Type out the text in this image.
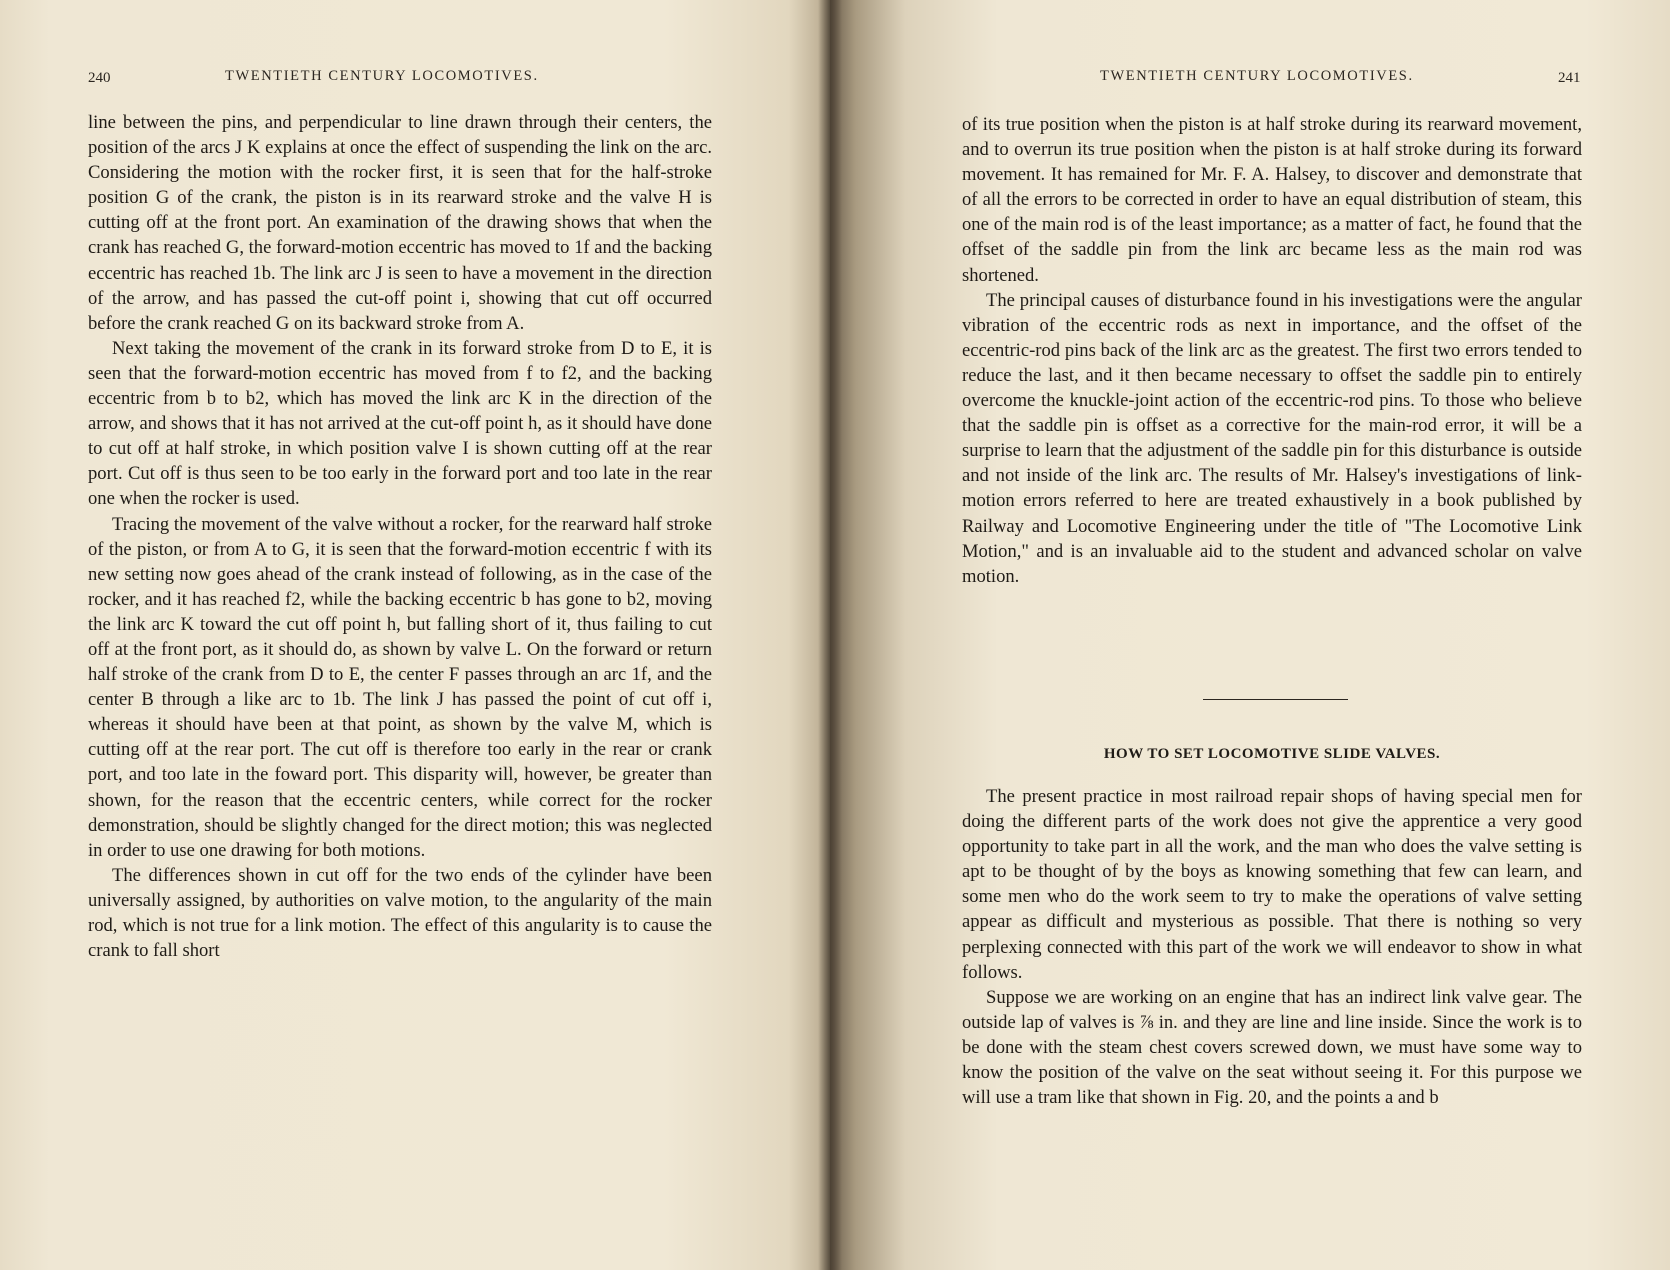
240	TWENTIETH CENTURY LOCOMOTIVES.

line between the pins, and perpendicular to line drawn through their centers, the position of the arcs J K explains at once the effect of suspending the link on the arc. Considering the motion with the rocker first, it is seen that for the half-stroke position G of the crank, the piston is in its rearward stroke and the valve H is cutting off at the front port. An examination of the drawing shows that when the crank has reached G, the forward-motion eccentric has moved to 1f and the backing eccentric has reached 1b. The link arc J is seen to have a movement in the direction of the arrow, and has passed the cut-off point i, showing that cut off occurred before the crank reached G on its backward stroke from A.

Next taking the movement of the crank in its forward stroke from D to E, it is seen that the forward-motion eccentric has moved from f to f2, and the backing eccentric from b to b2, which has moved the link arc K in the direction of the arrow, and shows that it has not arrived at the cut-off point h, as it should have done to cut off at half stroke, in which position valve I is shown cutting off at the rear port. Cut off is thus seen to be too early in the forward port and too late in the rear one when the rocker is used.

Tracing the movement of the valve without a rocker, for the rearward half stroke of the piston, or from A to G, it is seen that the forward-motion eccentric f with its new setting now goes ahead of the crank instead of following, as in the case of the rocker, and it has reached f2, while the backing eccentric b has gone to b2, moving the link arc K toward the cut off point h, but falling short of it, thus failing to cut off at the front port, as it should do, as shown by valve L. On the forward or return half stroke of the crank from D to E, the center F passes through an arc 1f, and the center B through a like arc to 1b. The link J has passed the point of cut off i, whereas it should have been at that point, as shown by the valve M, which is cutting off at the rear port. The cut off is therefore too early in the rear or crank port, and too late in the foward port. This disparity will, however, be greater than shown, for the reason that the eccentric centers, while correct for the rocker demonstration, should be slightly changed for the direct motion; this was neglected in order to use one drawing for both motions.

The differences shown in cut off for the two ends of the cylinder have been universally assigned, by authorities on valve motion, to the angularity of the main rod, which is not true for a link motion. The effect of this angularity is to cause the crank to fall short

TWENTIETH CENTURY LOCOMOTIVES.	241

of its true position when the piston is at half stroke during its rearward movement, and to overrun its true position when the piston is at half stroke during its forward movement. It has remained for Mr. F. A. Halsey, to discover and demonstrate that of all the errors to be corrected in order to have an equal distribution of steam, this one of the main rod is of the least importance; as a matter of fact, he found that the offset of the saddle pin from the link arc became less as the main rod was shortened.

The principal causes of disturbance found in his investigations were the angular vibration of the eccentric rods as next in importance, and the offset of the eccentric-rod pins back of the link arc as the greatest. The first two errors tended to reduce the last, and it then became necessary to offset the saddle pin to entirely overcome the knuckle-joint action of the eccentric-rod pins. To those who believe that the saddle pin is offset as a corrective for the main-rod error, it will be a surprise to learn that the adjustment of the saddle pin for this disturbance is outside and not inside of the link arc. The results of Mr. Halsey's investigations of link-motion errors referred to here are treated exhaustively in a book published by Railway and Locomotive Engineering under the title of "The Locomotive Link Motion," and is an invaluable aid to the student and advanced scholar on valve motion.

HOW TO SET LOCOMOTIVE SLIDE VALVES.

The present practice in most railroad repair shops of having special men for doing the different parts of the work does not give the apprentice a very good opportunity to take part in all the work, and the man who does the valve setting is apt to be thought of by the boys as knowing something that few can learn, and some men who do the work seem to try to make the operations of valve setting appear as difficult and mysterious as possible. That there is nothing so very perplexing connected with this part of the work we will endeavor to show in what follows.

Suppose we are working on an engine that has an indirect link valve gear. The outside lap of valves is ⅞ in. and they are line and line inside. Since the work is to be done with the steam chest covers screwed down, we must have some way to know the position of the valve on the seat without seeing it. For this purpose we will use a tram like that shown in Fig. 20, and the points a and b
